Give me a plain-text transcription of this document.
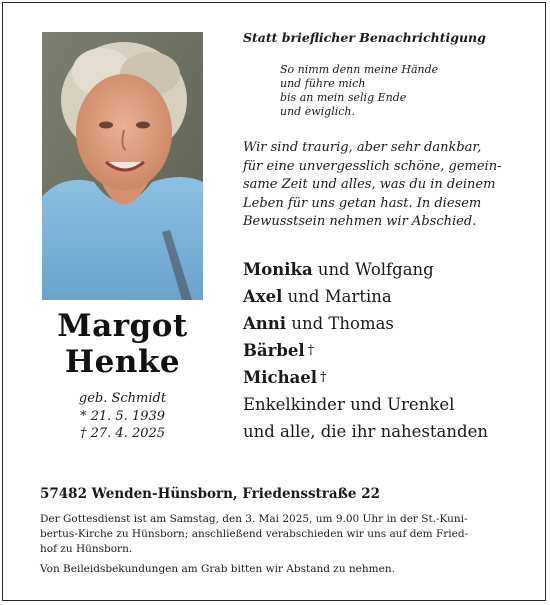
Margot
Henke
geb. Schmidt
* 21. 5. 1939
† 27. 4. 2025
Statt brieflicher Benachrichtigung
So nimm denn meine Hände
und führe mich
bis an mein selig Ende
und ewiglich.
Wir sind traurig, aber sehr dankbar,
für eine unvergesslich schöne, gemein-
same Zeit und alles, was du in deinem
Leben für uns getan hast. In diesem
Bewusstsein nehmen wir Abschied.
Monika und Wolfgang
Axel und Martina
Anni und Thomas
Bärbel †
Michael †
Enkelkinder und Urenkel
und alle, die ihr nahestanden
57482 Wenden-Hünsborn, Friedensstraße 22
Der Gottesdienst ist am Samstag, den 3. Mai 2025, um 9.00 Uhr in der St.-Kuni-
bertus-Kirche zu Hünsborn; anschließend verabschieden wir uns auf dem Fried-
hof zu Hünsborn.
Von Beileidsbekundungen am Grab bitten wir Abstand zu nehmen.
